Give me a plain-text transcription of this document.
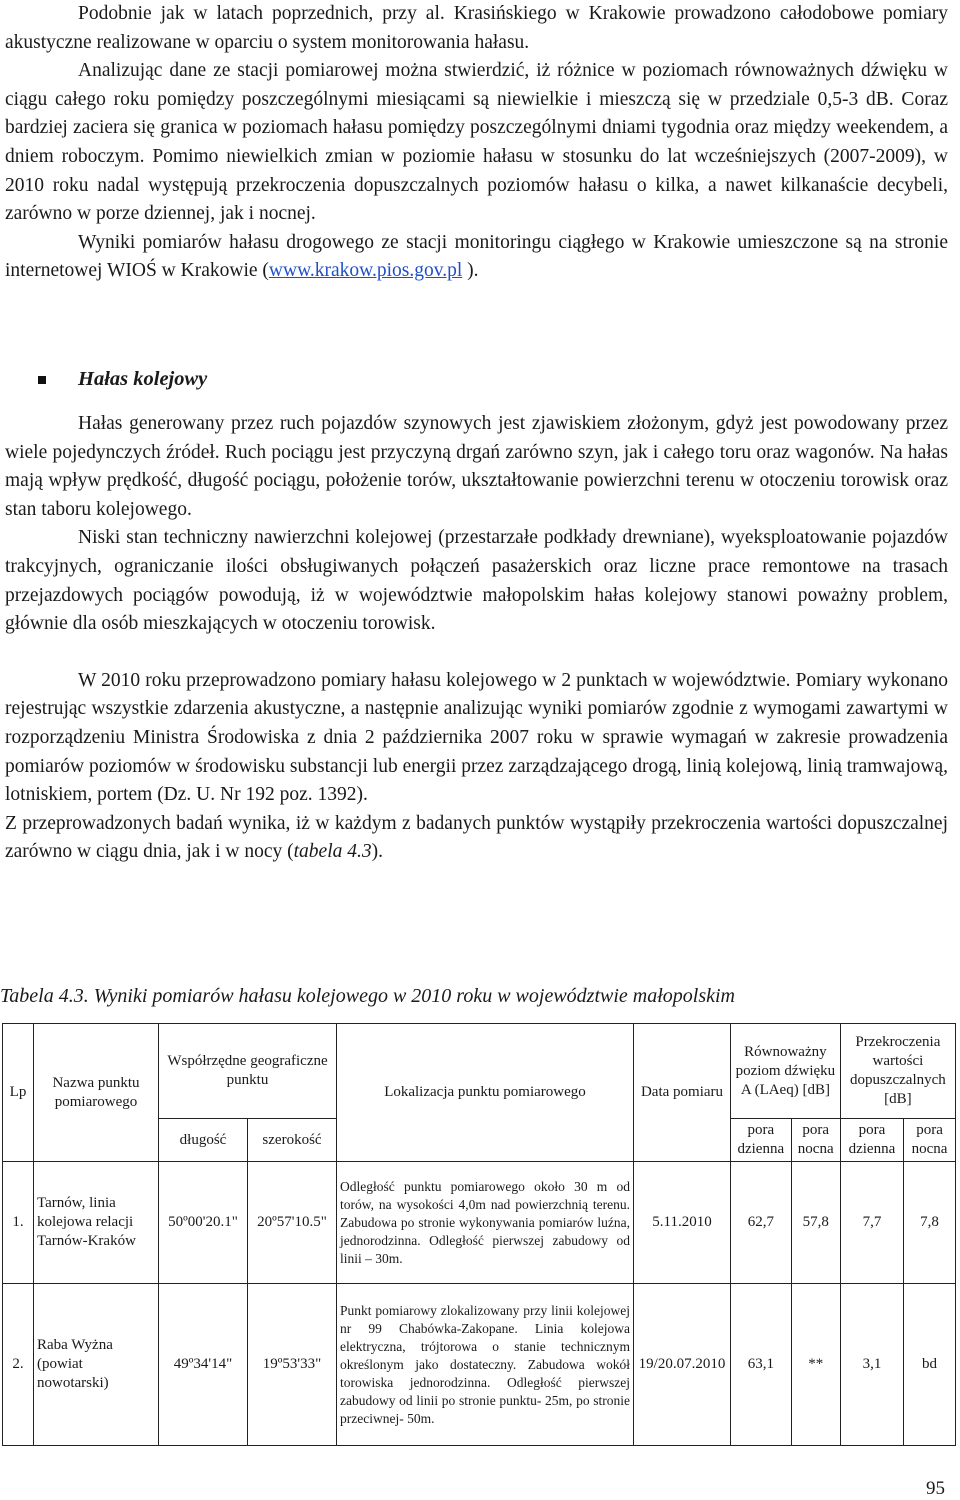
Podobnie jak w latach poprzednich, przy al. Krasińskiego w Krakowie prowadzono całodobowe pomiary akustyczne realizowane w oparciu o system monitorowania hałasu.

Analizując dane ze stacji pomiarowej można stwierdzić, iż różnice w poziomach równoważnych dźwięku w ciągu całego roku pomiędzy poszczególnymi miesiącami są niewielkie i mieszczą się w przedziale 0,5-3 dB. Coraz bardziej zaciera się granica w poziomach hałasu pomiędzy poszczególnymi dniami tygodnia oraz między weekendem, a dniem roboczym. Pomimo niewielkich zmian w poziomie hałasu w stosunku do lat wcześniejszych (2007-2009), w 2010 roku nadal występują przekroczenia dopuszczalnych poziomów hałasu o kilka, a nawet kilkanaście decybeli, zarówno w porze dziennej, jak i nocnej.

Wyniki pomiarów hałasu drogowego ze stacji monitoringu ciągłego w Krakowie umieszczone są na stronie internetowej WIOŚ w Krakowie (www.krakow.pios.gov.pl ).

Hałas kolejowy

Hałas generowany przez ruch pojazdów szynowych jest zjawiskiem złożonym, gdyż jest powodowany przez wiele pojedynczych źródeł. Ruch pociągu jest przyczyną drgań zarówno szyn, jak i całego toru oraz wagonów. Na hałas mają wpływ prędkość, długość pociągu, położenie torów, ukształtowanie powierzchni terenu w otoczeniu torowisk oraz stan taboru kolejowego.

Niski stan techniczny nawierzchni kolejowej (przestarzałe podkłady drewniane), wyeksploatowanie pojazdów trakcyjnych, ograniczanie ilości obsługiwanych połączeń pasażerskich oraz liczne prace remontowe na trasach przejazdowych pociągów powodują, iż w województwie małopolskim hałas kolejowy stanowi poważny problem, głównie dla osób mieszkających w otoczeniu torowisk.

W 2010 roku przeprowadzono pomiary hałasu kolejowego w 2 punktach w województwie. Pomiary wykonano rejestrując wszystkie zdarzenia akustyczne, a następnie analizując wyniki pomiarów zgodnie z wymogami zawartymi w rozporządzeniu Ministra Środowiska z dnia 2 października 2007 roku w sprawie wymagań w zakresie prowadzenia pomiarów poziomów w środowisku substancji lub energii przez zarządzającego drogą, linią kolejową, linią tramwajową, lotniskiem, portem (Dz. U. Nr 192 poz. 1392).

Z przeprowadzonych badań wynika, iż w każdym z badanych punktów wystąpiły przekroczenia wartości dopuszczalnej zarówno w ciągu dnia, jak i w nocy (tabela 4.3).

Tabela 4.3. Wyniki pomiarów hałasu kolejowego w 2010 roku w województwie małopolskim
Lp	Nazwa punktu pomiarowego	Współrzędne geograficzne punktu		Lokalizacja punktu pomiarowego	Data pomiaru	Równoważny poziom dźwięku A (LAeq) [dB]		Przekroczenia wartości dopuszczalnych [dB]	
		długość	szerokość			pora dzienna	pora nocna	pora dzienna	pora nocna
1.	Tarnów, linia kolejowa relacji Tarnów-Kraków	50º00'20.1"	20º57'10.5"	Odległość punktu pomiarowego około 30 m od torów, na wysokości 4,0m nad powierzchnią terenu. Zabudowa po stronie wykonywania pomiarów luźna, jednorodzinna. Odległość pierwszej zabudowy od linii – 30m.	5.11.2010	62,7	57,8	7,7	7,8
2.	Raba Wyżna (powiat nowotarski)	49º34'14"	19º53'33"	Punkt pomiarowy zlokalizowany przy linii kolejowej nr 99 Chabówka-Zakopane. Linia kolejowa elektryczna, trójtorowa o stanie technicznym określonym jako dostateczny. Zabudowa wokół torowiska jednorodzinna. Odległość pierwszej zabudowy od linii po stronie punktu- 25m, po stronie przeciwnej- 50m.	19/20.07.2010	63,1	**	3,1	bd
95
